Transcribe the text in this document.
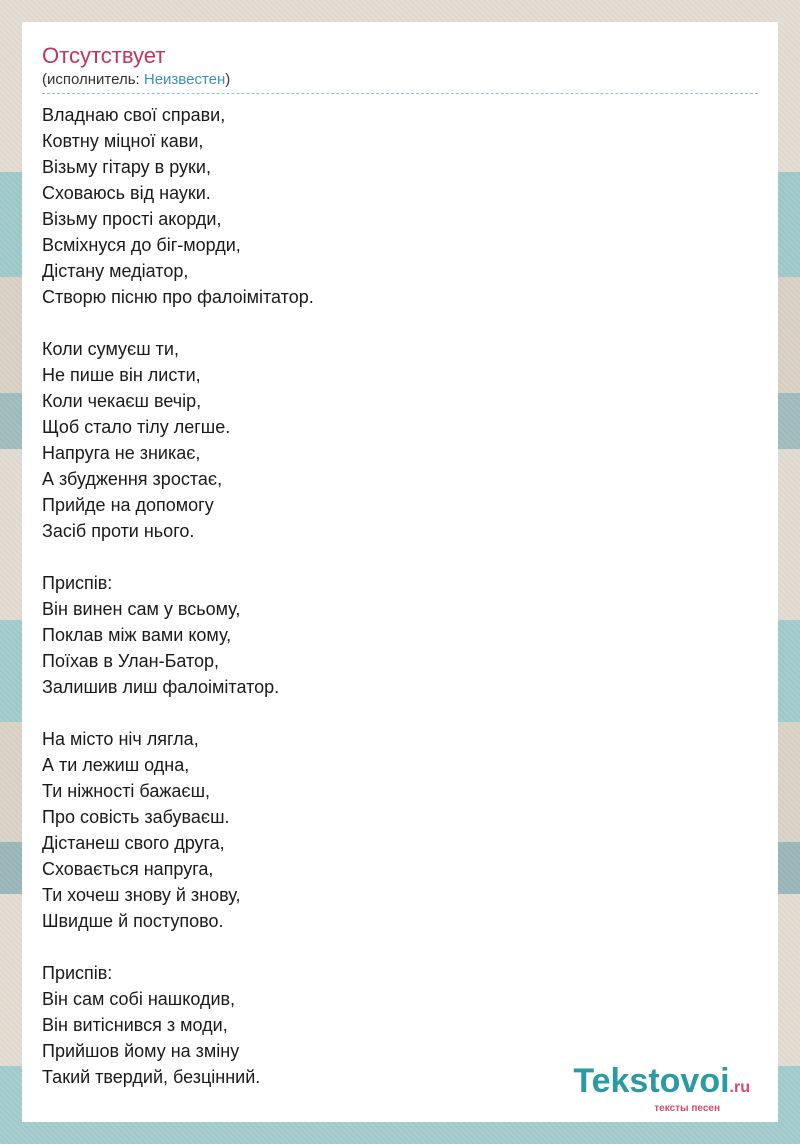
Отсутствует
(исполнитель: Неизвестен)
Владнаю свої справи,
Ковтну міцної кави,
Візьму гітару в руки,
Сховаюсь від науки.
Візьму прості акорди,
Всміхнуся до біг-морди,
Дістану медіатор,
Створю пісню про фалоімітатор.
Коли сумуєш ти,
Не пише він листи,
Коли чекаєш вечір,
Щоб стало тілу легше.
Напруга не зникає,
А збудження зростає,
Прийде на допомогу
Засіб проти нього.
Приспів:
Він винен сам у всьому,
Поклав між вами кому,
Поїхав в Улан-Батор,
Залишив лиш фалоімітатор.
На місто ніч лягла,
А ти лежиш одна,
Ти ніжності бажаєш,
Про совість забуваєш.
Дістанеш свого друга,
Сховається напруга,
Ти хочеш знову й знову,
Швидше й поступово.
Приспів:
Він сам собі нашкодив,
Він витіснився з моди,
Прийшов йому на зміну
Такий твердий, безцінний.	Tekstovoi.ru
тексты песен
